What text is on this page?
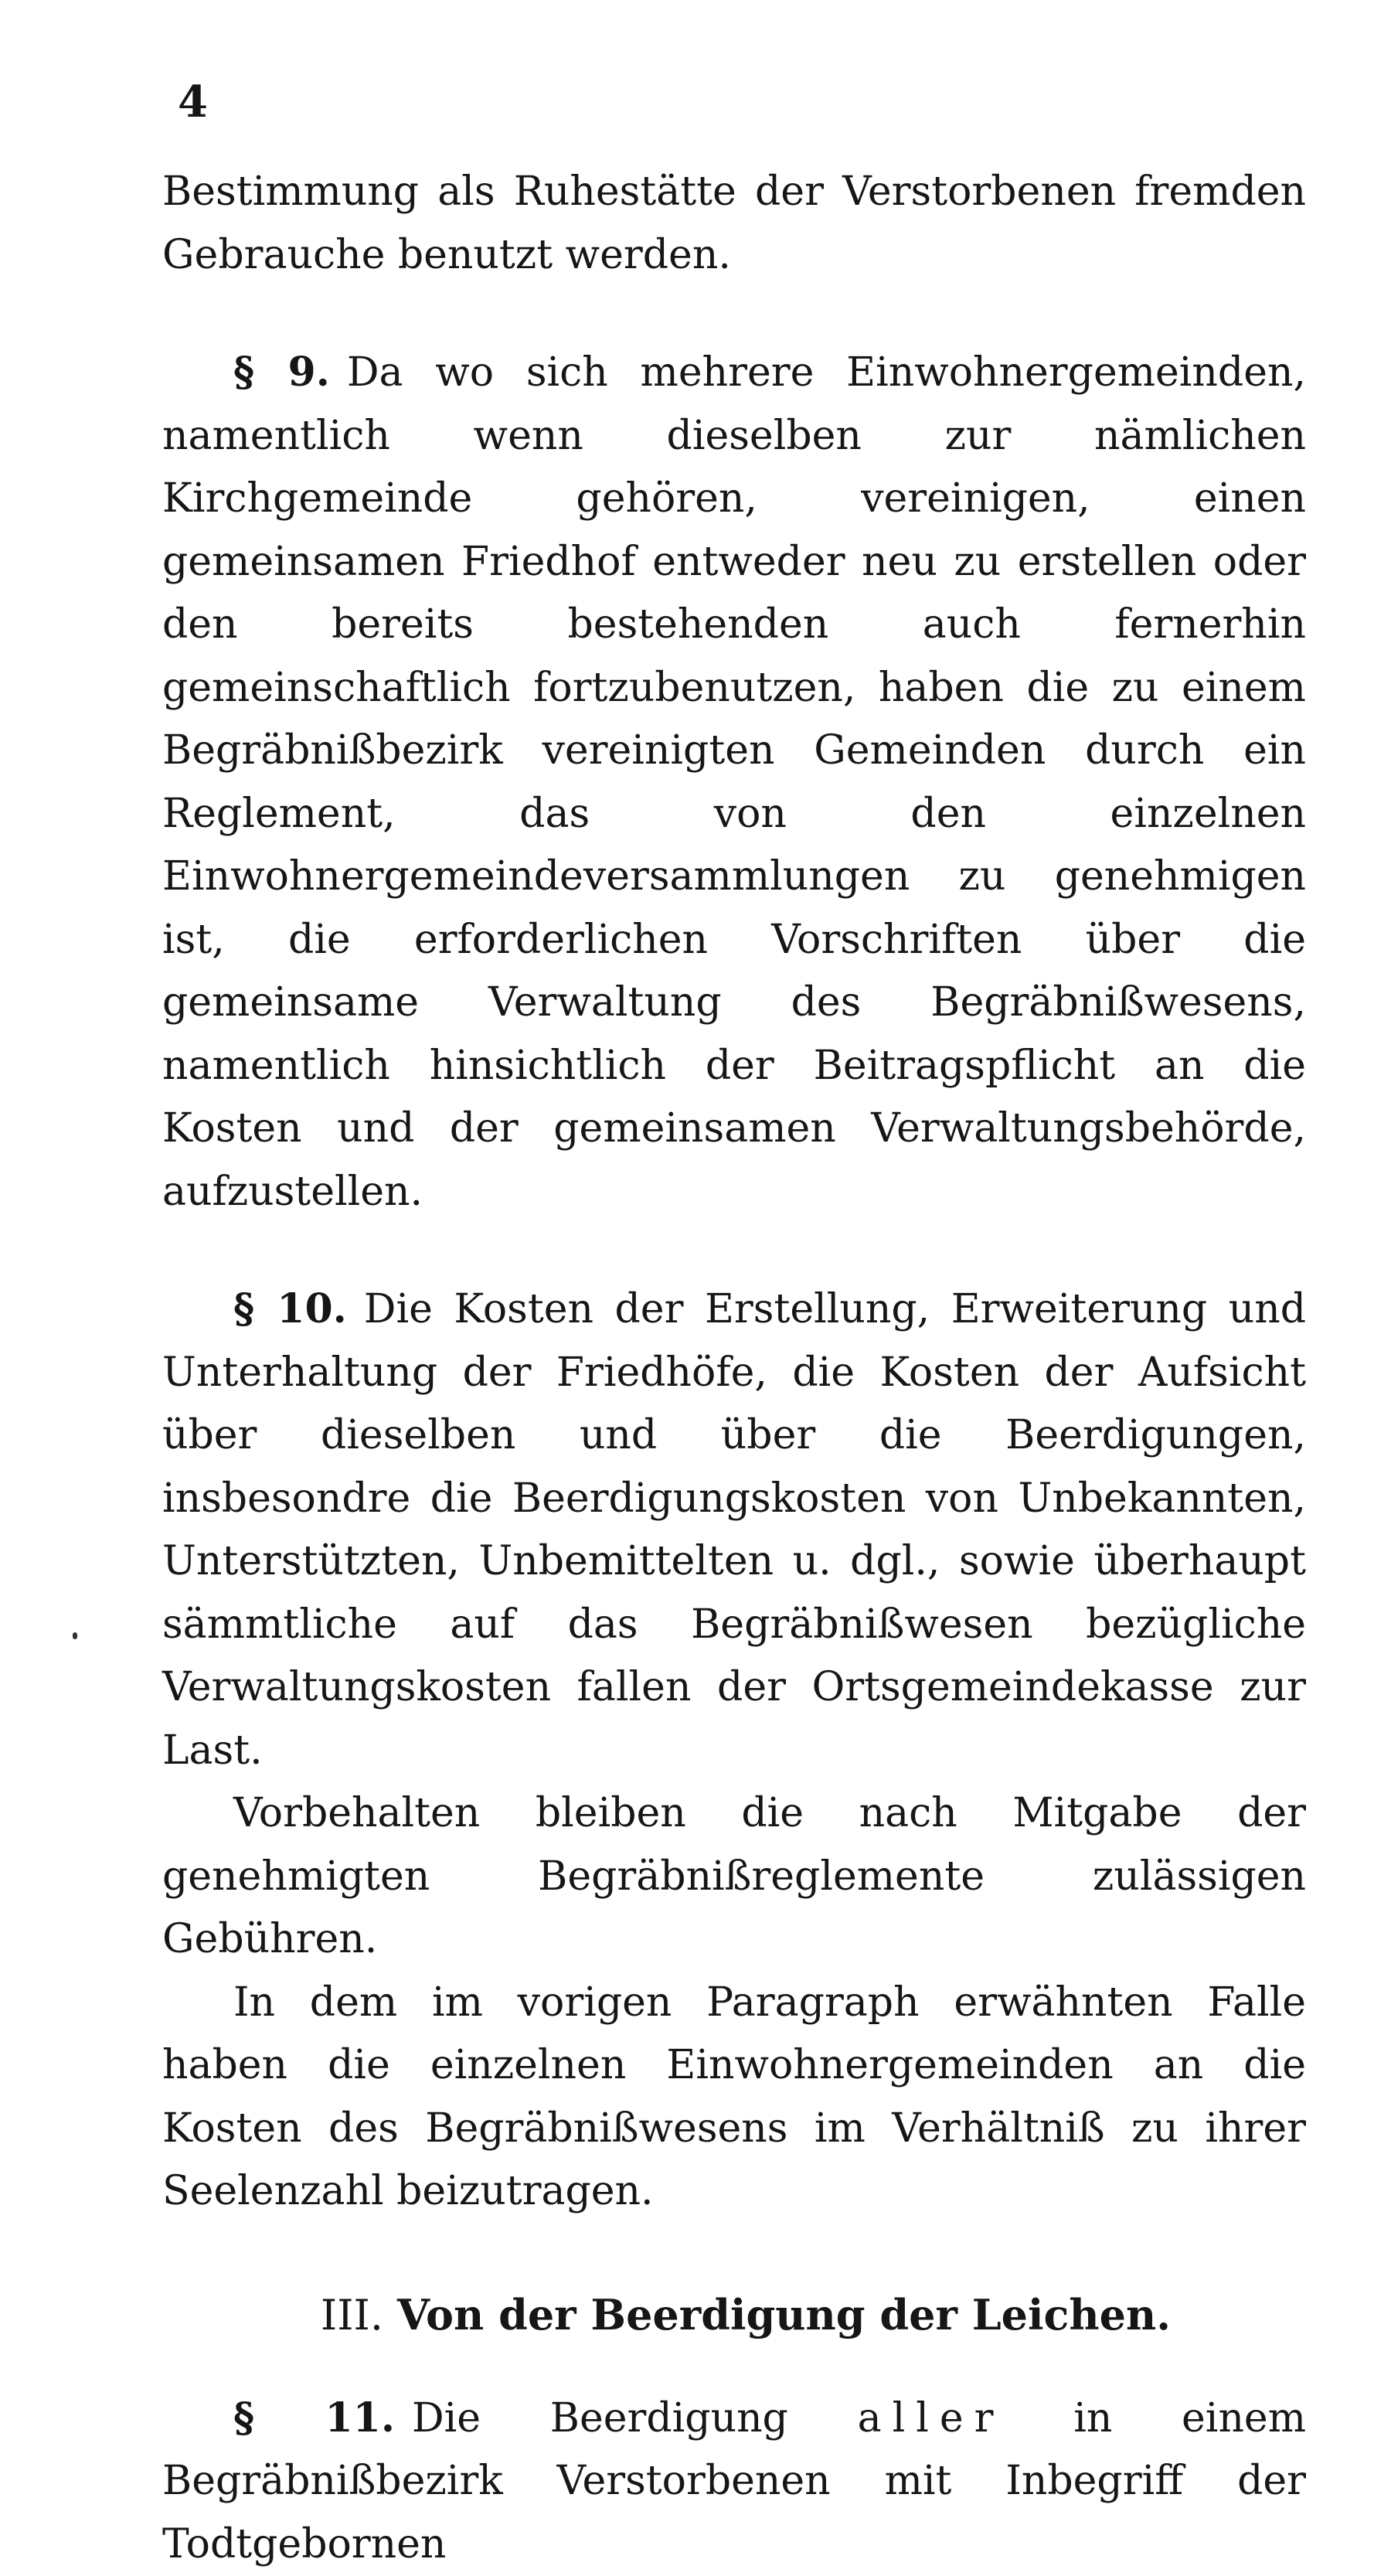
4

Bestimmung als Ruhestätte der Verstorbenen fremden Gebrauche benutzt werden.

§ 9. Da wo sich mehrere Einwohnergemeinden, namentlich wenn dieselben zur nämlichen Kirchgemeinde gehören, vereinigen, einen gemeinsamen Friedhof entweder neu zu erstellen oder den bereits bestehenden auch fernerhin gemeinschaftlich fortzubenutzen, haben die zu einem Begräbnißbezirk vereinigten Gemeinden durch ein Reglement, das von den einzelnen Einwohnergemeindeversammlungen zu genehmigen ist, die erforderlichen Vorschriften über die gemeinsame Verwaltung des Begräbnißwesens, namentlich hinsichtlich der Beitragspflicht an die Kosten und der gemeinsamen Verwaltungsbehörde, aufzustellen.

§ 10. Die Kosten der Erstellung, Erweiterung und Unterhaltung der Friedhöfe, die Kosten der Aufsicht über dieselben und über die Beerdigungen, insbesondre die Beerdigungskosten von Unbekannten, Unterstützten, Unbemittelten u. dgl., sowie überhaupt sämmtliche auf das Begräbnißwesen bezügliche Verwaltungskosten fallen der Ortsgemeindekasse zur Last.

Vorbehalten bleiben die nach Mitgabe der genehmigten Begräbnißreglemente zulässigen Gebühren.

In dem im vorigen Paragraph erwähnten Falle haben die einzelnen Einwohnergemeinden an die Kosten des Begräbnißwesens im Verhältniß zu ihrer Seelenzahl beizutragen.

III. Von der Beerdigung der Leichen.

§ 11. Die Beerdigung aller in einem Begräbnißbezirk Verstorbenen mit Inbegriff der Todtgebornen
